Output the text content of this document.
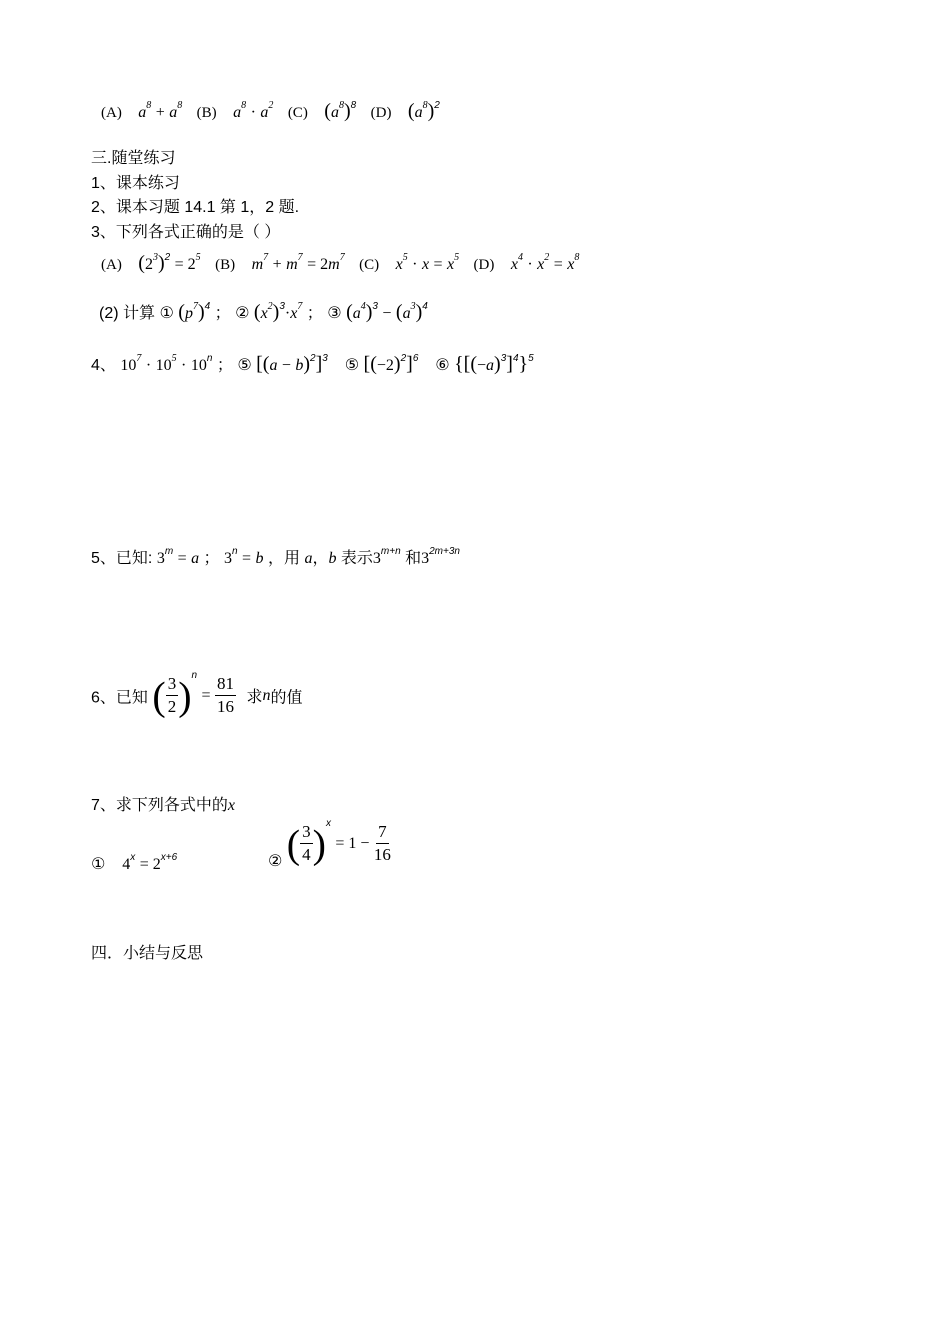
(A) $a^8 + a^8$ (B) $a^8 \cdot a^2$ (C) $(a^8)^8$ (D) $(a^8)^2$
三.随堂练习
1、课本练习
2、课本习题 14.1 第 1，2 题.
3、下列各式正确的是（ ）
(A) $(2^3)^2 = 2^5$ (B) $m^7 + m^7 = 2m^7$ (C) $x^5 \cdot x = x^5$ (D) $x^4 \cdot x^2 = x^8$
(2) 计算 ① $(p^7)^4$ ； ② $(x^2)^3\cdot x^7$ ； ③ $(a^4)^3 - (a^3)^4$
4、 $10^7 \cdot 10^5 \cdot 10^n$ ； ⑤ $[(a - b)^2]^3$ ⑤ $[(-2)^2]^6$ ⑥ $\{[(-a)^3]^4\}^5$
5、已知: $3^m = a$ ； $3^n = b$ ，用 a，b 表示$3^{m+n}$ 和$3^{2m+3n}$
6、已知 ( $\frac{3}{2} )^n = \frac{81}{16}$ 求n的值
7、求下列各式中的x
① $4^x = 2^{x+6}$	② ( $\frac{3}{4} )^x = 1 - \frac{7}{16}$
四．小结与反思
